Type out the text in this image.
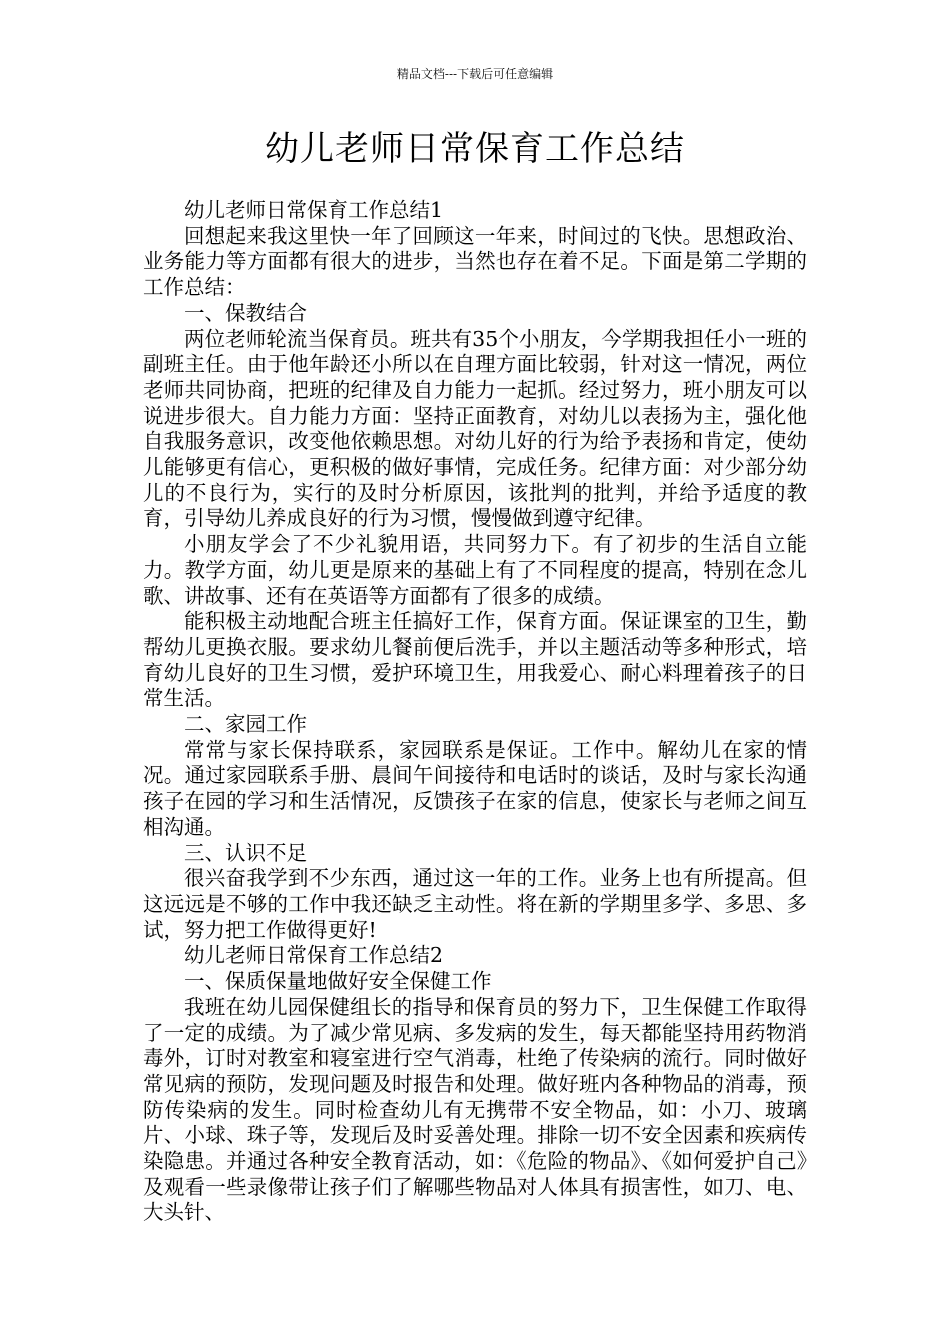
精品文档---下载后可任意编辑
幼儿老师日常保育工作总结

幼儿老师日常保育工作总结1

回想起来我这里快一年了回顾这一年来，时间过的飞快。思想政治、业务能力等方面都有很大的进步，当然也存在着不足。下面是第二学期的工作总结：

一、保教结合

两位老师轮流当保育员。班共有35个小朋友，今学期我担任小一班的副班主任。由于他年龄还小所以在自理方面比较弱，针对这一情况，两位老师共同协商，把班的纪律及自力能力一起抓。经过努力，班小朋友可以说进步很大。自力能力方面：坚持正面教育，对幼儿以表扬为主，强化他自我服务意识，改变他依赖思想。对幼儿好的行为给予表扬和肯定，使幼儿能够更有信心，更积极的做好事情，完成任务。纪律方面：对少部分幼儿的不良行为，实行的及时分析原因，该批判的批判，并给予适度的教育，引导幼儿养成良好的行为习惯，慢慢做到遵守纪律。

小朋友学会了不少礼貌用语，共同努力下。有了初步的生活自立能力。教学方面，幼儿更是原来的基础上有了不同程度的提高，特别在念儿歌、讲故事、还有在英语等方面都有了很多的成绩。

能积极主动地配合班主任搞好工作，保育方面。保证课室的卫生，勤帮幼儿更换衣服。要求幼儿餐前便后洗手，并以主题活动等多种形式，培育幼儿良好的卫生习惯，爱护环境卫生，用我爱心、耐心料理着孩子的日常生活。

二、家园工作

常常与家长保持联系，家园联系是保证。工作中。解幼儿在家的情况。通过家园联系手册、晨间午间接待和电话时的谈话，及时与家长沟通孩子在园的学习和生活情况，反馈孩子在家的信息，使家长与老师之间互相沟通。

三、认识不足

很兴奋我学到不少东西，通过这一年的工作。业务上也有所提高。但这远远是不够的工作中我还缺乏主动性。将在新的学期里多学、多思、多试，努力把工作做得更好!

幼儿老师日常保育工作总结2

一、保质保量地做好安全保健工作

我班在幼儿园保健组长的指导和保育员的努力下，卫生保健工作取得了一定的成绩。为了减少常见病、多发病的发生，每天都能坚持用药物消毒外，订时对教室和寝室进行空气消毒，杜绝了传染病的流行。同时做好常见病的预防，发现问题及时报告和处理。做好班内各种物品的消毒，预防传染病的发生。同时检查幼儿有无携带不安全物品，如：小刀、玻璃片、小球、珠子等，发现后及时妥善处理。排除一切不安全因素和疾病传染隐患。并通过各种安全教育活动，如：《危险的物品》、《如何爱护自己》及观看一些录像带让孩子们了解哪些物品对人体具有损害性，如刀、电、大头针、
